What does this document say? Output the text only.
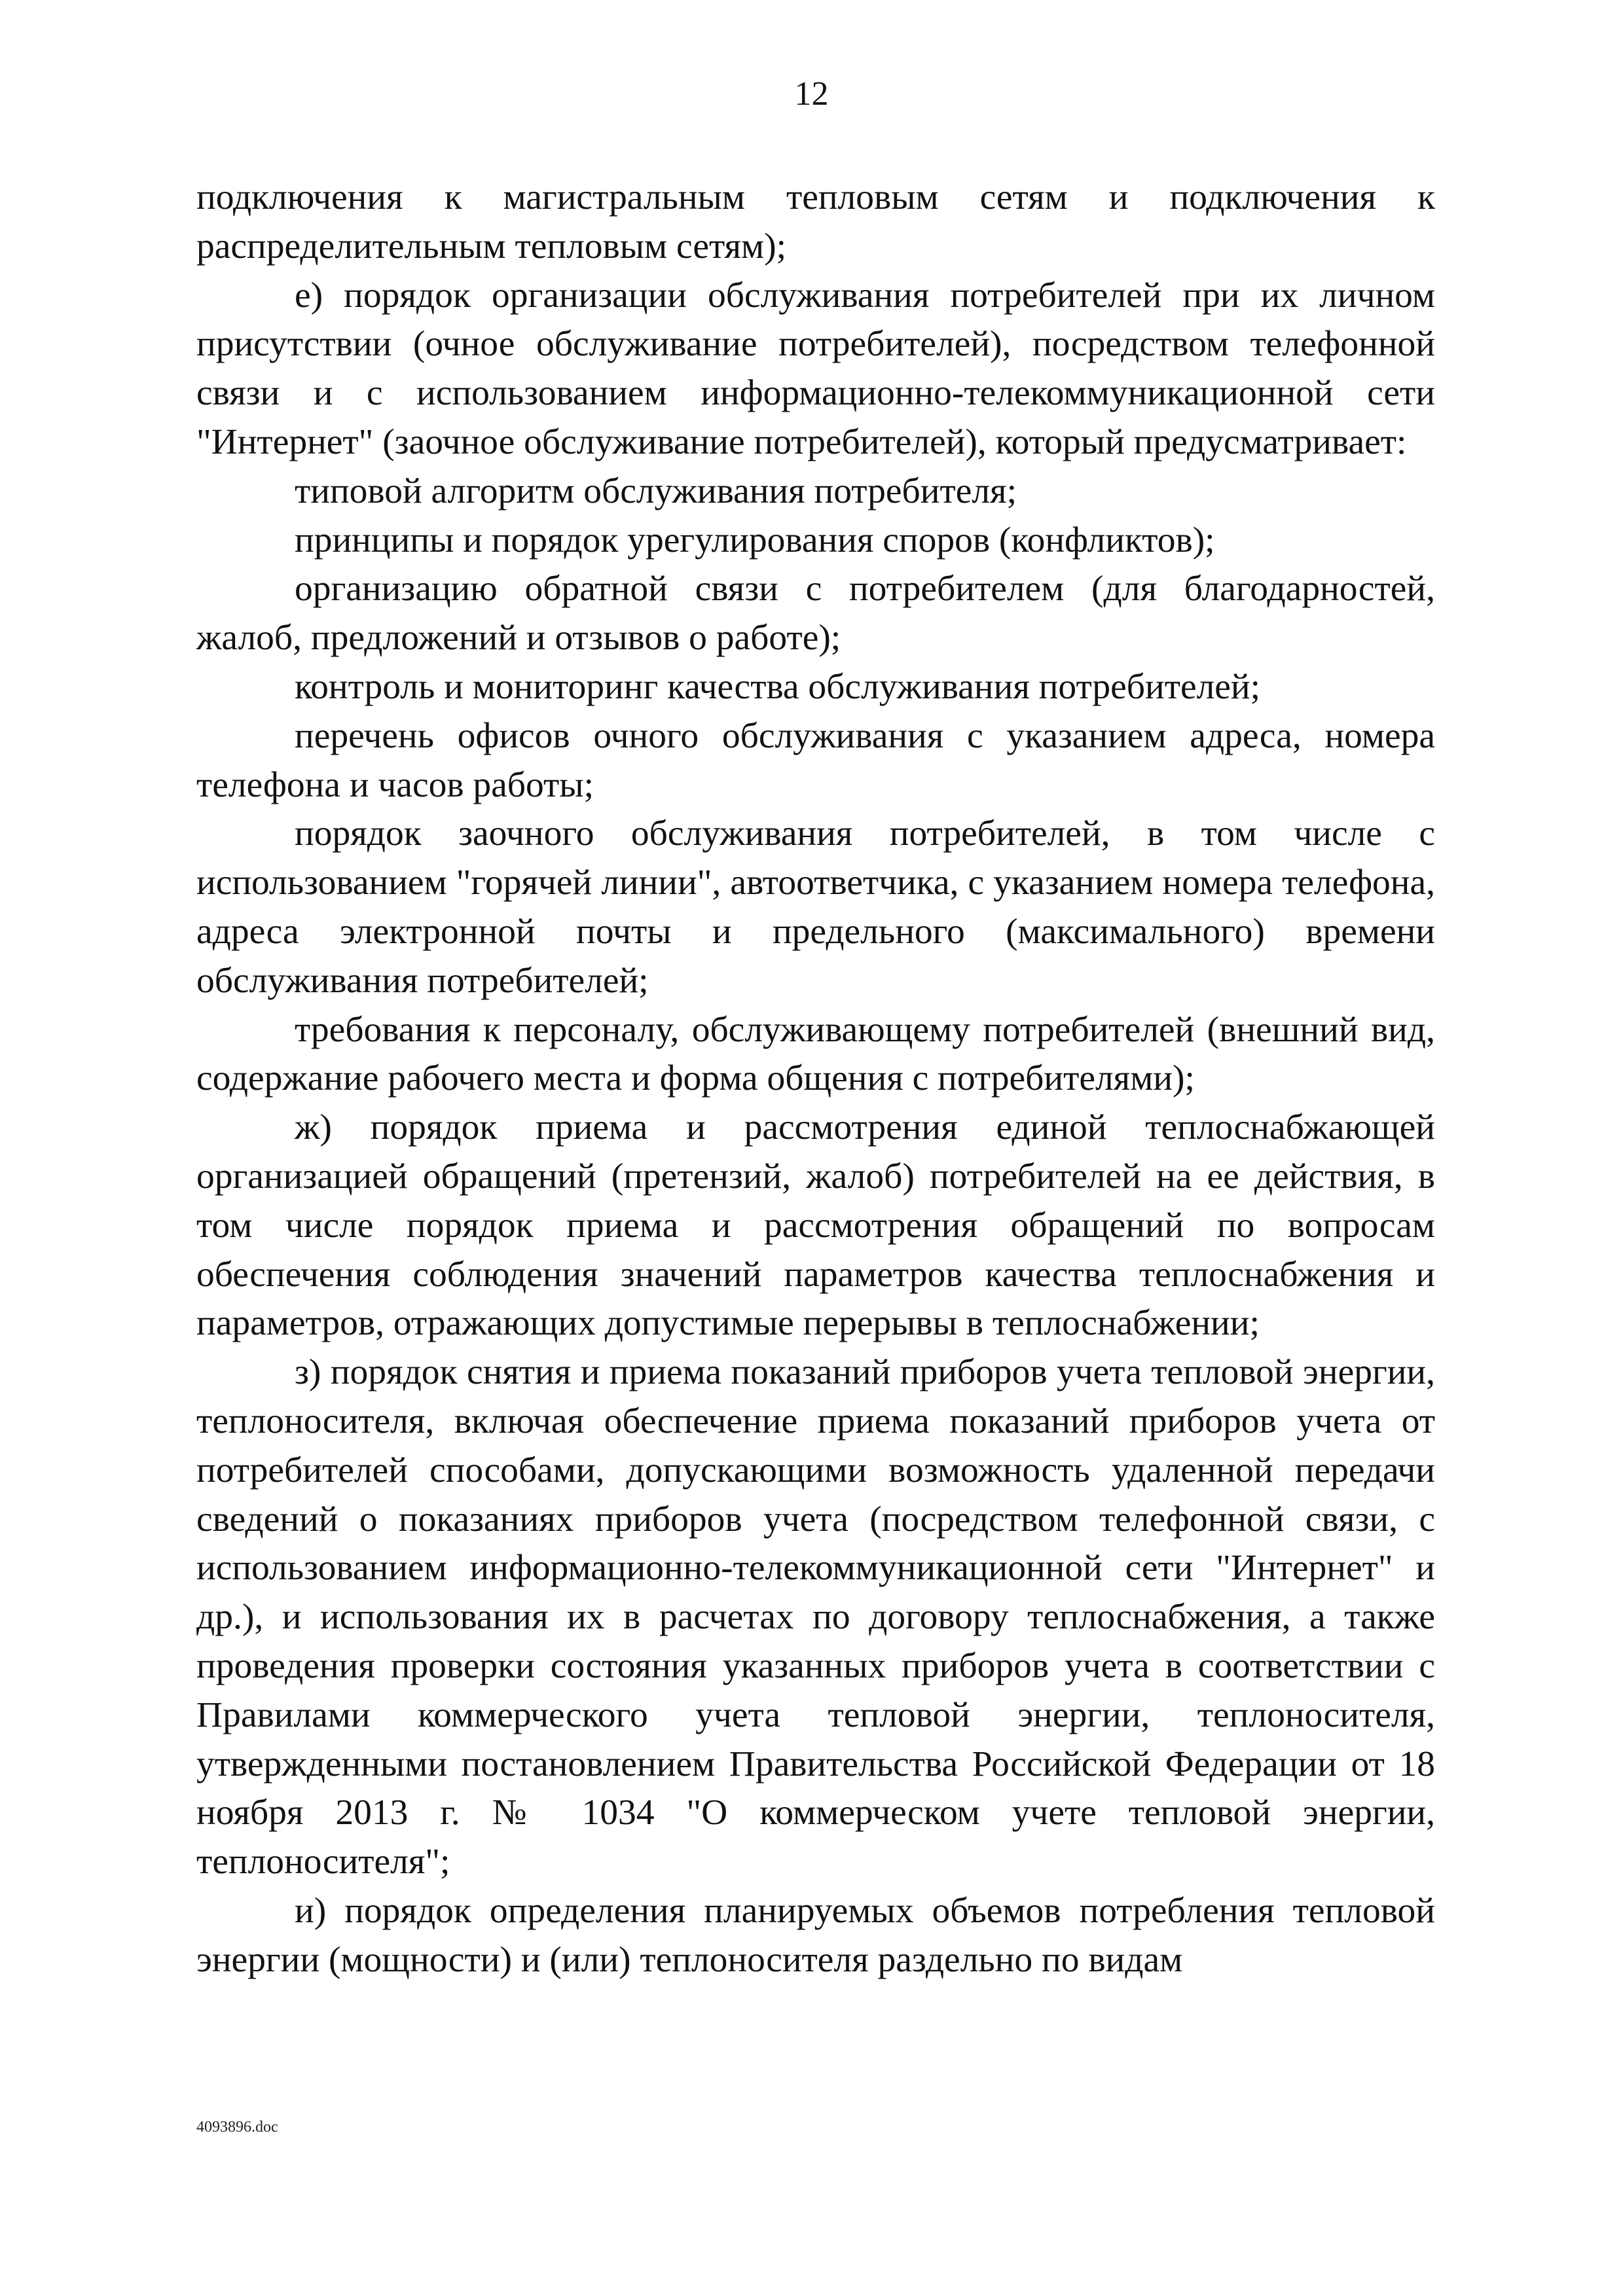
12

подключения к магистральным тепловым сетям и подключения к распределительным тепловым сетям);

е) порядок организации обслуживания потребителей при их личном присутствии (очное обслуживание потребителей), посредством телефонной связи и с использованием информационно-телекоммуникационной сети "Интернет" (заочное обслуживание потребителей), который предусматривает:

типовой алгоритм обслуживания потребителя;

принципы и порядок урегулирования споров (конфликтов);

организацию обратной связи с потребителем (для благодарностей, жалоб, предложений и отзывов о работе);

контроль и мониторинг качества обслуживания потребителей;

перечень офисов очного обслуживания с указанием адреса, номера телефона и часов работы;

порядок заочного обслуживания потребителей, в том числе с использованием "горячей линии", автоответчика, с указанием номера телефона, адреса электронной почты и предельного (максимального) времени обслуживания потребителей;

требования к персоналу, обслуживающему потребителей (внешний вид, содержание рабочего места и форма общения с потребителями);

ж) порядок приема и рассмотрения единой теплоснабжающей организацией обращений (претензий, жалоб) потребителей на ее действия, в том числе порядок приема и рассмотрения обращений по вопросам обеспечения соблюдения значений параметров качества теплоснабжения и параметров, отражающих допустимые перерывы в теплоснабжении;

з) порядок снятия и приема показаний приборов учета тепловой энергии, теплоносителя, включая обеспечение приема показаний приборов учета от потребителей способами, допускающими возможность удаленной передачи сведений о показаниях приборов учета (посредством телефонной связи, с использованием информационно-телекоммуникационной сети "Интернет" и др.), и использования их в расчетах по договору теплоснабжения, а также проведения проверки состояния указанных приборов учета в соответствии с Правилами коммерческого учета тепловой энергии, теплоносителя, утвержденными постановлением Правительства Российской Федерации от 18 ноября 2013 г. № 1034 "О коммерческом учете тепловой энергии, теплоносителя";

и) порядок определения планируемых объемов потребления тепловой энергии (мощности) и (или) теплоносителя раздельно по видам

4093896.doc
